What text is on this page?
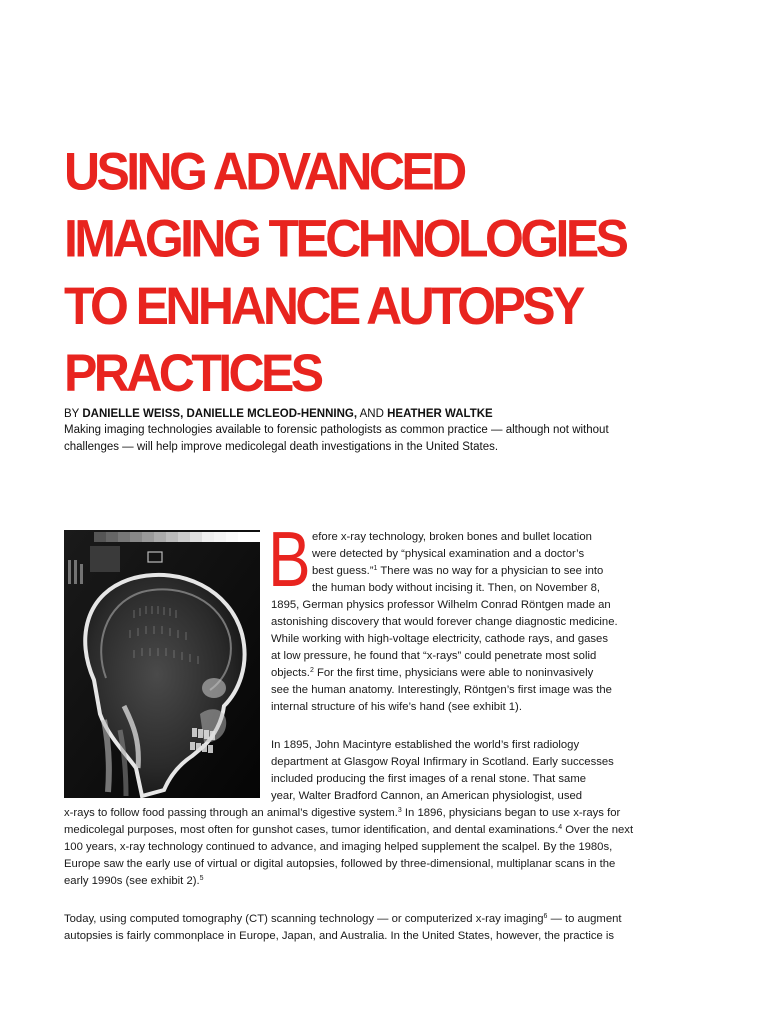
USING ADVANCED
IMAGING TECHNOLOGIES
TO ENHANCE AUTOPSY
PRACTICES
BY DANIELLE WEISS, DANIELLE MCLEOD-HENNING, AND HEATHER WALTKE
Making imaging technologies available to forensic pathologists as common practice — although not without challenges — will help improve medicolegal death investigations in the United States.
B efore x-ray technology, broken bones and bullet location
were detected by “physical examination and a doctor’s
best guess.”$^1$ There was no way for a physician to see into
the human body without incising it. Then, on November 8,
1895, German physics professor Wilhelm Conrad Röntgen made an
astonishing discovery that would forever change diagnostic medicine.
While working with high-voltage electricity, cathode rays, and gases
at low pressure, he found that “x-rays” could penetrate most solid
objects.$^2$ For the first time, physicians were able to noninvasively
see the human anatomy. Interestingly, Röntgen’s first image was the
internal structure of his wife’s hand (see exhibit 1).
In 1895, John Macintyre established the world’s first radiology
department at Glasgow Royal Infirmary in Scotland. Early successes
included producing the first images of a renal stone. That same
year, Walter Bradford Cannon, an American physiologist, used
x-rays to follow food passing through an animal’s digestive system.$^3$ In 1896, physicians began to use x-rays for
medicolegal purposes, most often for gunshot cases, tumor identification, and dental examinations.$^4$ Over the next
100 years, x-ray technology continued to advance, and imaging helped supplement the scalpel. By the 1980s,
Europe saw the early use of virtual or digital autopsies, followed by three-dimensional, multiplanar scans in the
early 1990s (see exhibit 2).$^5$
Today, using computed tomography (CT) scanning technology — or computerized x-ray imaging$^6$ — to augment
autopsies is fairly commonplace in Europe, Japan, and Australia. In the United States, however, the practice is
